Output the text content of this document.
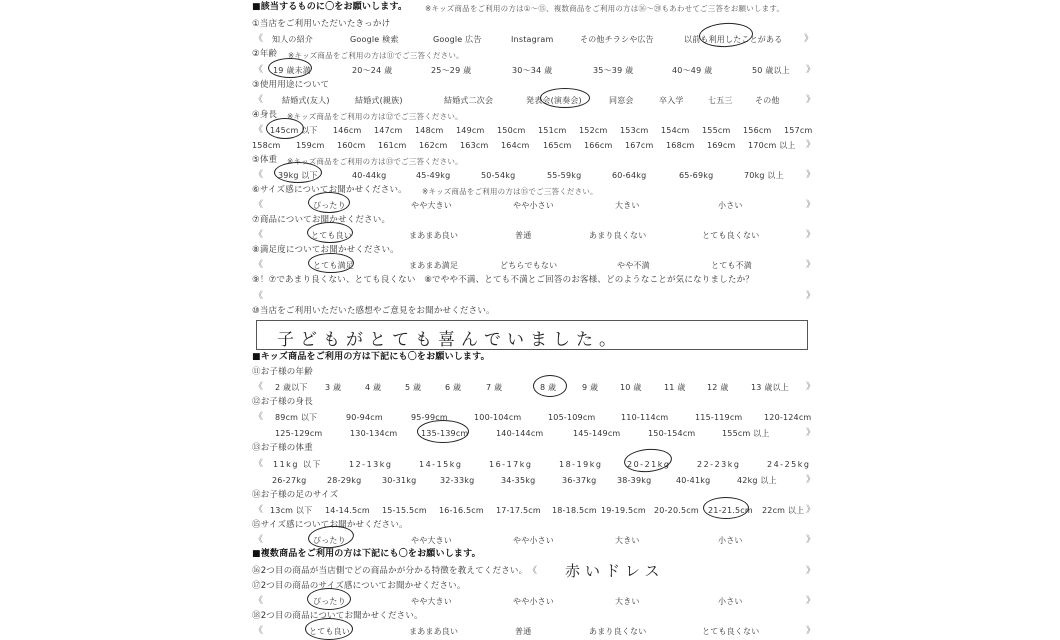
■該当するものに〇をお願いします。 ※キッズ商品をご利用の方は①〜⑮、複数商品をご利用の方は⑯〜⑳もあわせてご三答をお願いします。
①当店をご利用いただいたきっかけ
《 知人の紹介	Google 検索	Google 広告	Instagram	その他チラシや広告	以前も利用したことがある 》
②年齢 ※キッズ商品をご利用の方は⑪でご三答ください。
《 19 歳未満	20〜24 歳	25〜29 歳	30〜34 歳	35〜39 歳	40〜49 歳	50 歳以上 》
③使用用途について
《 結婚式(友人)	結婚式(親族)	結婚式二次会	発表会(演奏会)	同窓会	卒入学	七五三	その他	》
④身長 ※キッズ商品をご利用の方は⑫でご三答ください。
《 145cm 以下 146cm 147cm 148cm 149cm 150cm 151cm 152cm 153cm 154cm 155cm 156cm 157cm
158cm 159cm 160cm 161cm 162cm 163cm 164cm 165cm 166cm 167cm 168cm 169cm 170cm 以上 》
⑤体重 ※キッズ商品をご利用の方は⑬でご三答ください。
《 39kg 以下	40-44kg	45-49kg	50-54kg	55-59kg	60-64kg	65-69kg	70kg 以上 》
⑥サイズ感についてお聞かせください。 ※キッズ商品をご利用の方は⑮でご三答ください。
《	ぴったり	やや大きい	やや小さい	大きい	小さい	》
⑦商品についてお聞かせください。
《	とても良い	まあまあ良い	普通	あまり良くない	とても良くない	》
⑧満足度についてお聞かせください。
《	とても満足	まあまあ満足	どちらでもない	やや不満	とても不満	》
⑨！⑦であまり良くない、とても良くない　⑧でやや不満、とても不満とご回答のお客様、どのようなことが気になりましたか？
《	》
⑩当店をご利用いただいた感想やご意見をお聞かせください。
子どもがとても喜んでいました。
■キッズ商品をご利用の方は下記にも〇をお願いします。
⑪お子様の年齢
《 2 歳以下 3 歳	4 歳	5 歳	6 歳	7 歳	8 歳	9 歳	10 歳	11 歳	12 歳	13 歳以上 》
⑫お子様の身長
《 89cm 以下	90-94cm	95-99cm	100-104cm	105-109cm	110-114cm	115-119cm	120-124cm
125-129cm	130-134cm	135-139cm	140-144cm	145-149cm	150-154cm	155cm 以上	》
⑬お子様の体重
《 11kg 以下	12-13kg	14-15kg	16-17kg	18-19kg	20-21kg	22-23kg	24-25kg
26-27kg	28-29kg	30-31kg	32-33kg	34-35kg	36-37kg	38-39kg	40-41kg	42kg 以上	》
⑭お子様の足のサイズ
《 13cm 以下 14-14.5cm 15-15.5cm 16-16.5cm 17-17.5cm 18-18.5cm 19-19.5cm 20-20.5cm 21-21.5cm 22cm 以上 》
⑮サイズ感についてお聞かせください。
《	ぴったり	やや大きい	やや小さい	大きい	小さい	》
■複数商品をご利用の方は下記にも〇をお願いします。
⑯2つ目の商品が当店側でどの商品かが分かる特徴を教えてください。 《 赤いドレス	》
⑰2つ目の商品のサイズ感についてお聞かせください。
《	ぴったり	やや大きい	やや小さい	大きい	小さい	》
⑱2つ目の商品についてお聞かせください。
《	とても良い	まあまあ良い	普通	あまり良くない	とても良くない	》
